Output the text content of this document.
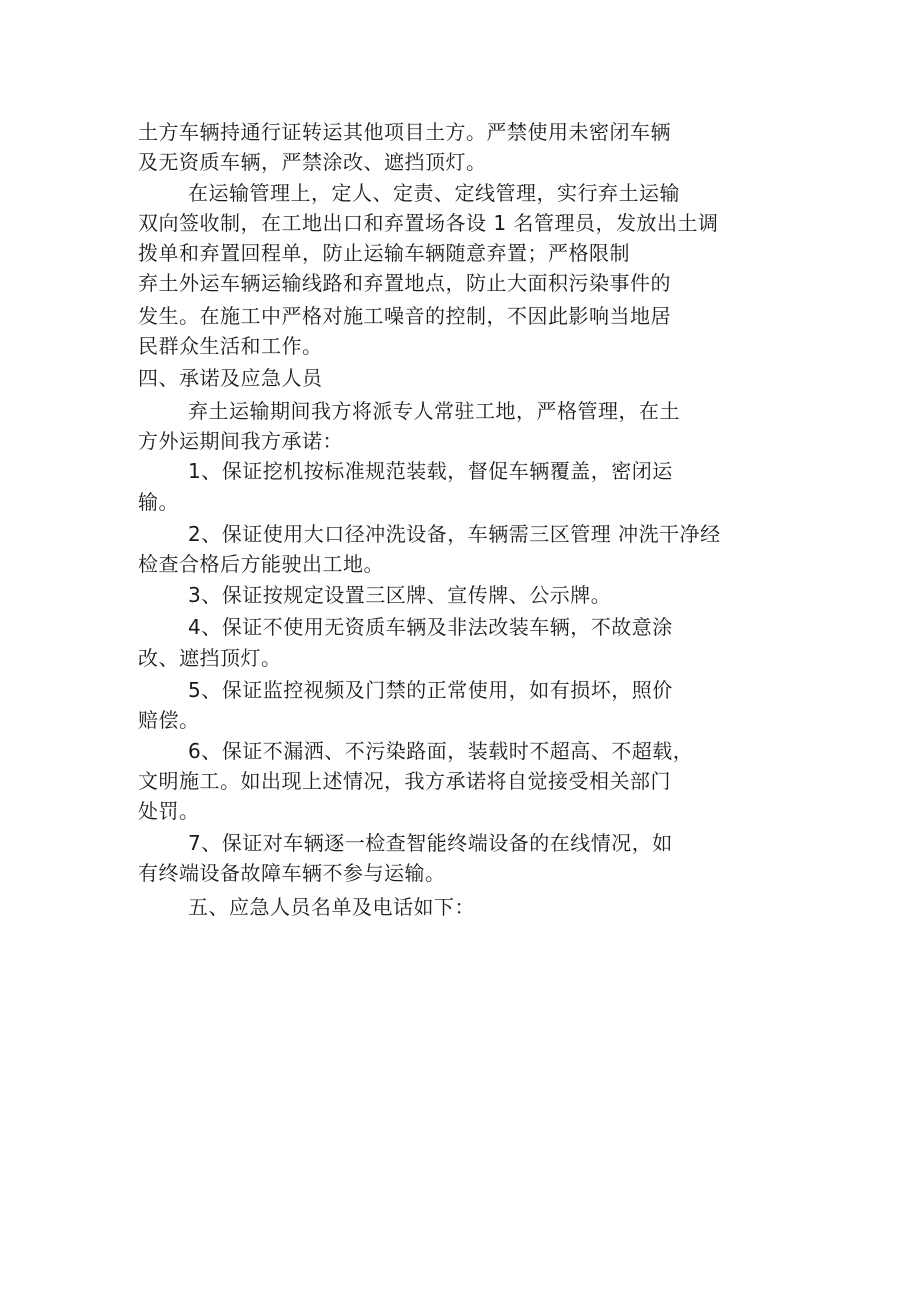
土方车辆持通行证转运其他项目土方。严禁使用未密闭车辆
及无资质车辆，严禁涂改、遮挡顶灯。
在运输管理上，定人、定责、定线管理，实行弃土运输
双向签收制，在工地出口和弃置场各设 1 名管理员，发放出土调
拨单和弃置回程单，防止运输车辆随意弃置；严格限制
弃土外运车辆运输线路和弃置地点，防止大面积污染事件的
发生。在施工中严格对施工噪音的控制，不因此影响当地居
民群众生活和工作。
四、承诺及应急人员
弃土运输期间我方将派专人常驻工地，严格管理，在土
方外运期间我方承诺：
1、保证挖机按标准规范装载，督促车辆覆盖，密闭运
输。
2、保证使用大口径冲洗设备，车辆需三区管理 冲洗干净经
检查合格后方能驶出工地。
3、保证按规定设置三区牌、宣传牌、公示牌。
4、保证不使用无资质车辆及非法改装车辆，不故意涂
改、遮挡顶灯。
5、保证监控视频及门禁的正常使用，如有损坏，照价
赔偿。
6、保证不漏洒、不污染路面，装载时不超高、不超载，
文明施工。如出现上述情况，我方承诺将自觉接受相关部门
处罚。
7、保证对车辆逐一检查智能终端设备的在线情况，如
有终端设备故障车辆不参与运输。
五、应急人员名单及电话如下：
